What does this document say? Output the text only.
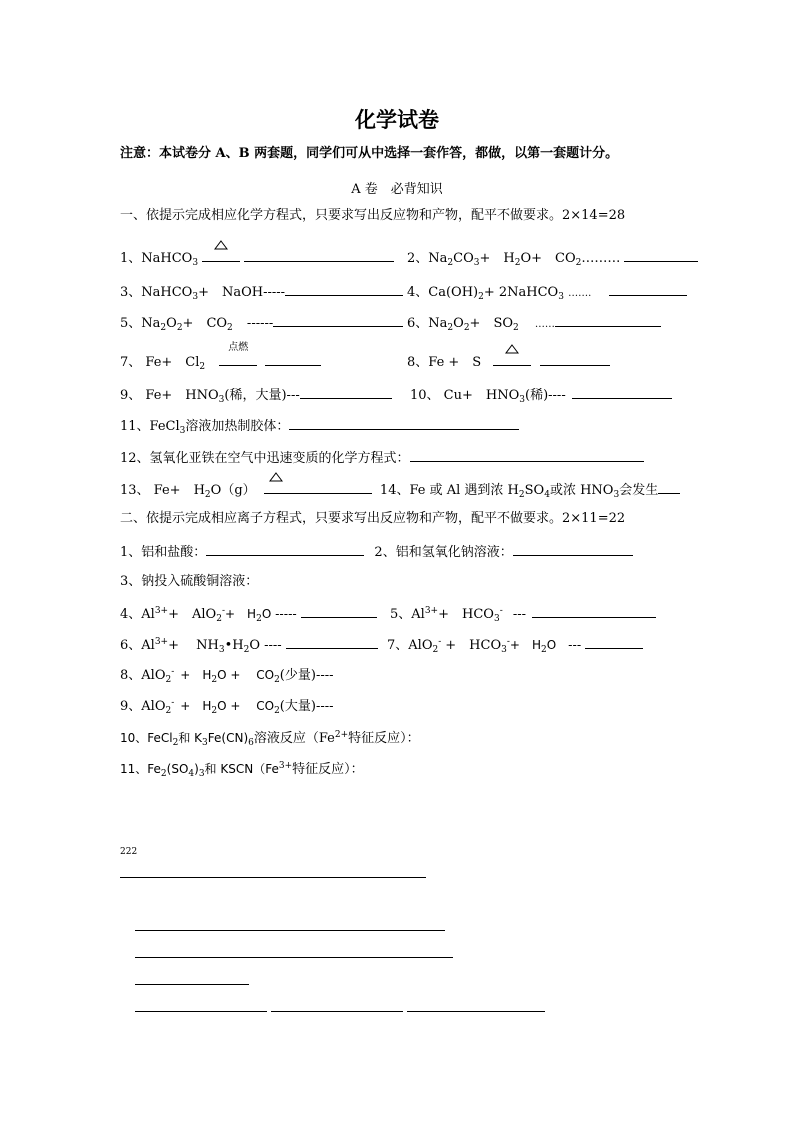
化学试卷
注意：本试卷分 A、B 两套题，同学们可从中选择一套作答，都做，以第一套题计分。
A 卷　必背知识
一、依提示完成相应化学方程式，只要求写出反应物和产物，配平不做要求。2×14=28
1、NaHCO$_3$
	2、$Na_2CO_3+$　$H_2O+$　$CO_2\dots\dots\dots$
3、NaHCO$_3$+　NaOH-----	4、$Ca(OH)_2+$ 2NaHCO$_3$ …….
5、$Na_2O_2+$　$CO_2$ ------	6、$Na_2O_2+$　$SO_2$ ……
7、 Fe+　$Cl_2$
点燃

8、Fe +　S

9、 Fe+　$HNO_3$(稀，大量)---	10、 Cu+　$HNO_3$(稀)----
11、FeCl$_3$溶液加热制胶体：
12、氢氧化亚铁在空气中迅速变质的化学方程式：
13、 Fe+　$H_2O(g)$	14、Fe 或 Al 遇到浓 $H_2SO_4$或浓 $HNO_3$会发生
二、依提示完成相应离子方程式，只要求写出反应物和产物，配平不做要求。2×11=22
1、铝和盐酸：	2、铝和氢氧化钠溶液：
3、钠投入硫酸铜溶液：
4、$Al^{3+}+$　AlO$_2$-+　$H_2O$ -----	5、$Al^{3+}+$　$HCO_3^-$ ---
6、$Al^{3+}+$　 $NH_3•H_2O$ ----	7、AlO$_2$- +　$HCO_3^-+$　$H_2O$　---
8、AlO$_2$- +　$H_2O$ +　 $CO_2$(少量)----
9、AlO$_2$- +　$H_2O$ +　 $CO_2$(大量)----
10、FeCl$_2$和 $K_3Fe(CN)_6$溶液反应（$Fe^{2+}$特征反应）：
11、$Fe_2(SO_4)_3$和 $KSCN(Fe^{3+}$特征反应）：
$_{222}$
